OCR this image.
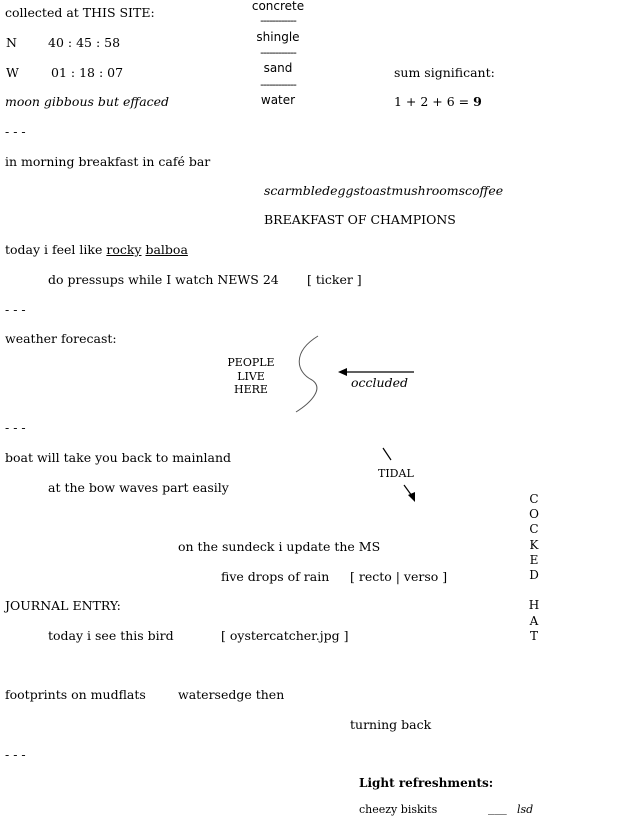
collected at THIS SITE:
N 40 : 45 : 58
W	01 : 18 : 07
moon gibbous but effaced
concrete
------------
shingle
------------
sand
------------
water
sum significant:
1 + 2 + 6 = 9
- - -
in morning breakfast in café bar
scarmbledeggstoastmushroomscoffee
BREAKFAST OF CHAMPIONS
today i feel like rocky balboa
do pressups while I watch NEWS 24 [ ticker ]
- - -
weather forecast:
PEOPLE
LIVE
HERE	occluded
- - -
boat will take you back to mainland
at the bow waves part easily
TIDAL
on the sundeck i update the MS
five drops of rain [ recto | verso ]
JOURNAL ENTRY:
today i see this bird	[ oystercatcher.jpg ]
footprints on mudflats	watersedge then
turning back
- - -
C
O
C
K
E
D
H
A
T
Light refreshments:
cheezy biskits	___ lsd
